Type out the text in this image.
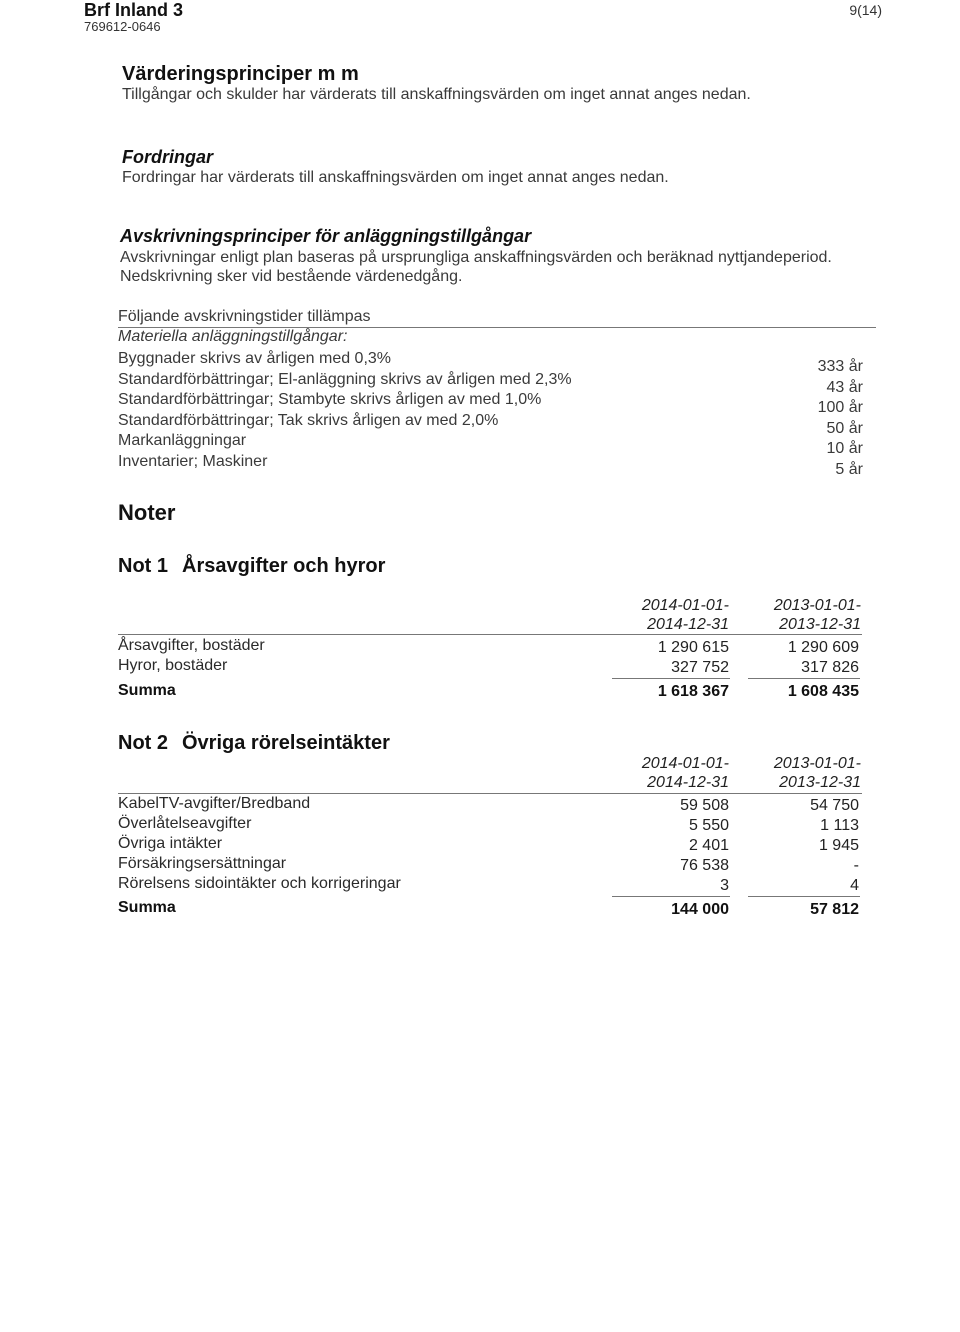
Brf Inland 3
769612-0646
9(14)
Värderingsprinciper m m
Tillgångar och skulder har värderats till anskaffningsvärden om inget annat anges nedan.
Fordringar
Fordringar har värderats till anskaffningsvärden om inget annat anges nedan.
Avskrivningsprinciper för anläggningstillgångar
Avskrivningar enligt plan baseras på ursprungliga anskaffningsvärden och beräknad nyttjandeperiod.
Nedskrivning sker vid bestående värdenedgång.
Följande avskrivningstider tillämpas
Materiella anläggningstillgångar:
Byggnader skrivs av årligen med 0,3%	333 år
Standardförbättringar; El-anläggning skrivs av årligen med 2,3%	43 år
Standardförbättringar; Stambyte skrivs årligen av med 1,0%	100 år
Standardförbättringar; Tak skrivs årligen av med 2,0%	50 år
Markanläggningar	10 år
Inventarier; Maskiner	5 år
Noter
Not 1 Årsavgifter och hyror
2014-01-01-
2014-12-31
2013-01-01-
2013-12-31
Årsavgifter, bostäder	1 290 615	1 290 609
Hyror, bostäder	327 752	317 826
Summa	1 618 367	1 608 435
Not 2 Övriga rörelseintäkter
2014-01-01-
2014-12-31
2013-01-01-
2013-12-31
KabelTV-avgifter/Bredband	59 508	54 750
Överlåtelseavgifter	5 550	1 113
Övriga intäkter	2 401	1 945
Försäkringsersättningar	76 538	-
Rörelsens sidointäkter och korrigeringar	3	4
Summa	144 000	57 812
